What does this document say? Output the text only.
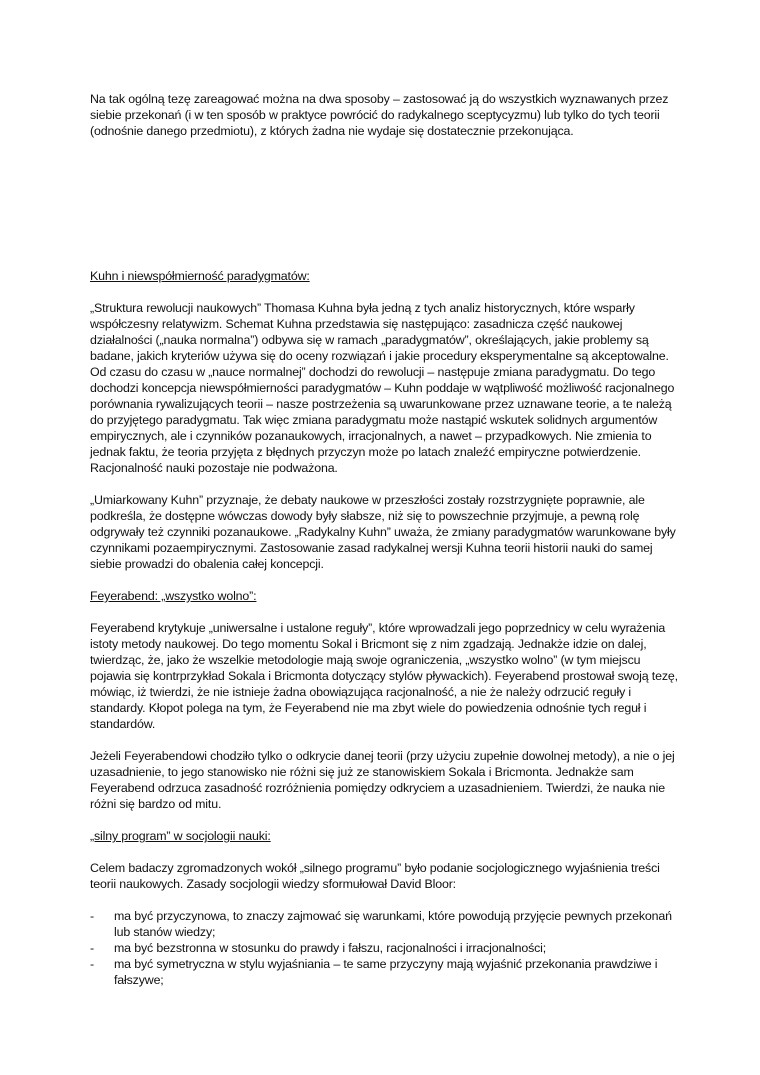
Na tak ogólną tezę zareagować można na dwa sposoby – zastosować ją do wszystkich wyznawanych przez siebie przekonań (i w ten sposób w praktyce powrócić do radykalnego sceptycyzmu) lub tylko do tych teorii (odnośnie danego przedmiotu), z których żadna nie wydaje się dostatecznie przekonująca.

Kuhn i niewspółmierność paradygmatów:

„Struktura rewolucji naukowych” Thomasa Kuhna była jedną z tych analiz historycznych, które wsparły współczesny relatywizm. Schemat Kuhna przedstawia się następująco: zasadnicza część naukowej działalności („nauka normalna”) odbywa się w ramach „paradygmatów”, określających, jakie problemy są badane, jakich kryteriów używa się do oceny rozwiązań i jakie procedury eksperymentalne są akceptowalne. Od czasu do czasu w „nauce normalnej” dochodzi do rewolucji – następuje zmiana paradygmatu. Do tego dochodzi koncepcja niewspółmierności paradygmatów – Kuhn poddaje w wątpliwość możliwość racjonalnego porównania rywalizujących teorii – nasze postrzeżenia są uwarunkowane przez uznawane teorie, a te należą do przyjętego paradygmatu. Tak więc zmiana paradygmatu może nastąpić wskutek solidnych argumentów empirycznych, ale i czynników pozanaukowych, irracjonalnych, a nawet – przypadkowych. Nie zmienia to jednak faktu, że teoria przyjęta z błędnych przyczyn może po latach znaleźć empiryczne potwierdzenie. Racjonalność nauki pozostaje nie podważona.

„Umiarkowany Kuhn” przyznaje, że debaty naukowe w przeszłości zostały rozstrzygnięte poprawnie, ale podkreśla, że dostępne wówczas dowody były słabsze, niż się to powszechnie przyjmuje, a pewną rolę odgrywały też czynniki pozanaukowe. „Radykalny Kuhn” uważa, że zmiany paradygmatów warunkowane były czynnikami pozaempirycznymi. Zastosowanie zasad radykalnej wersji Kuhna teorii historii nauki do samej siebie prowadzi do obalenia całej koncepcji.

Feyerabend: „wszystko wolno”:

Feyerabend krytykuje „uniwersalne i ustalone reguły”, które wprowadzali jego poprzednicy w celu wyrażenia istoty metody naukowej. Do tego momentu Sokal i Bricmont się z nim zgadzają. Jednakże idzie on dalej, twierdząc, że, jako że wszelkie metodologie mają swoje ograniczenia, „wszystko wolno” (w tym miejscu pojawia się kontrprzykład Sokala i Bricmonta dotyczący stylów pływackich). Feyerabend prostował swoją tezę, mówiąc, iż twierdzi, że nie istnieje żadna obowiązująca racjonalność, a nie że należy odrzucić reguły i standardy. Kłopot polega na tym, że Feyerabend nie ma zbyt wiele do powiedzenia odnośnie tych reguł i standardów.

Jeżeli Feyerabendowi chodziło tylko o odkrycie danej teorii (przy użyciu zupełnie dowolnej metody), a nie o jej uzasadnienie, to jego stanowisko nie różni się już ze stanowiskiem Sokala i Bricmonta. Jednakże sam Feyerabend odrzuca zasadność rozróżnienia pomiędzy odkryciem a uzasadnieniem. Twierdzi, że nauka nie różni się bardzo od mitu.

„silny program” w socjologii nauki:

Celem badaczy zgromadzonych wokół „silnego programu” było podanie socjologicznego wyjaśnienia treści teorii naukowych. Zasady socjologii wiedzy sformułował David Bloor:

- ma być przyczynowa, to znaczy zajmować się warunkami, które powodują przyjęcie pewnych przekonań lub stanów wiedzy;
- ma być bezstronna w stosunku do prawdy i fałszu, racjonalności i irracjonalności;
- ma być symetryczna w stylu wyjaśniania – te same przyczyny mają wyjaśnić przekonania prawdziwe i fałszywe;
